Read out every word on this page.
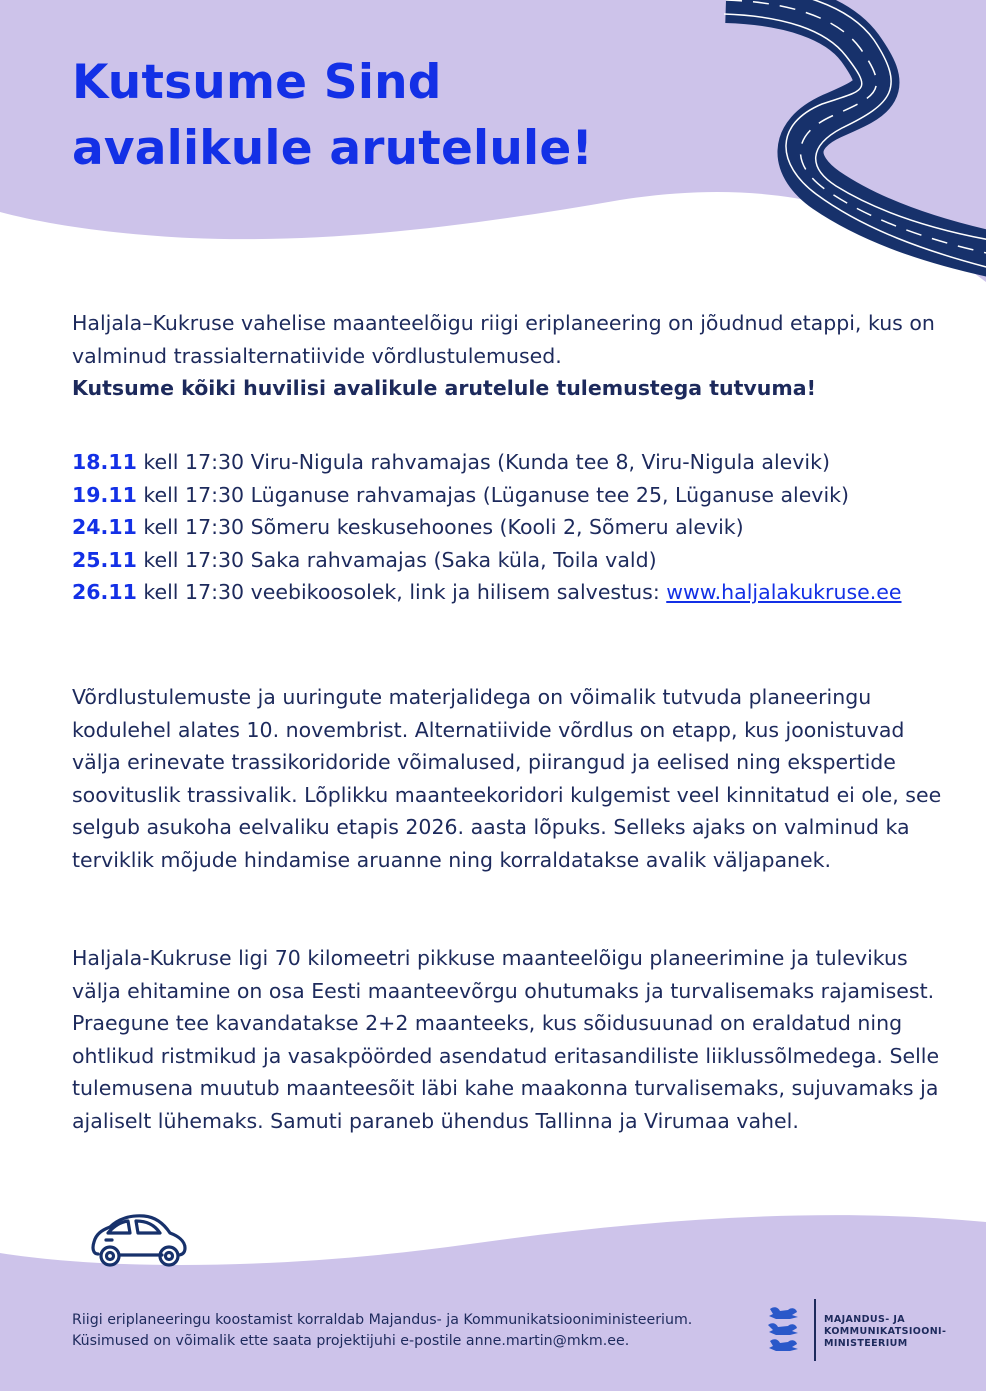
Kutsume Sind
avalikule arutelule!

Haljala–Kukruse vahelise maanteelõigu riigi eriplaneering on jõudnud etappi, kus on valminud trassialternatiivide võrdlustulemused.

Kutsume kõiki huvilisi avalikule arutelule tulemustega tutvuma!

18.11 kell 17:30 Viru-Nigula rahvamajas (Kunda tee 8, Viru-Nigula alevik)

19.11 kell 17:30 Lüganuse rahvamajas (Lüganuse tee 25, Lüganuse alevik)

24.11 kell 17:30 Sõmeru keskusehoones (Kooli 2, Sõmeru alevik)

25.11 kell 17:30 Saka rahvamajas (Saka küla, Toila vald)

26.11 kell 17:30 veebikoosolek, link ja hilisem salvestus: www.haljalakukruse.ee

Võrdlustulemuste ja uuringute materjalidega on võimalik tutvuda planeeringu kodulehel alates 10. novembrist. Alternatiivide võrdlus on etapp, kus joonistuvad välja erinevate trassikoridoride võimalused, piirangud ja eelised ning ekspertide soovituslik trassivalik. Lõplikku maanteekoridori kulgemist veel kinnitatud ei ole, see selgub asukoha eelvaliku etapis 2026. aasta lõpuks. Selleks ajaks on valminud ka terviklik mõjude hindamise aruanne ning korraldatakse avalik väljapanek.

Haljala-Kukruse ligi 70 kilomeetri pikkuse maanteelõigu planeerimine ja tulevikus välja ehitamine on osa Eesti maanteevõrgu ohutumaks ja turvalisemaks rajamisest. Praegune tee kavandatakse 2+2 maanteeks, kus sõidusuunad on eraldatud ning ohtlikud ristmikud ja vasakpöörded asendatud eritasandiliste liiklussõlmedega. Selle tulemusena muutub maanteesõit läbi kahe maakonna turvalisemaks, sujuvamaks ja ajaliselt lühemaks. Samuti paraneb ühendus Tallinna ja Virumaa vahel.

Riigi eriplaneeringu koostamist korraldab Majandus- ja Kommunikatsiooniministeerium.

Küsimused on võimalik ette saata projektijuhi e-postile anne.martin@mkm.ee.

MAJANDUS- JA
KOMMUNIKATSIOONI-
MINISTEERIUM
